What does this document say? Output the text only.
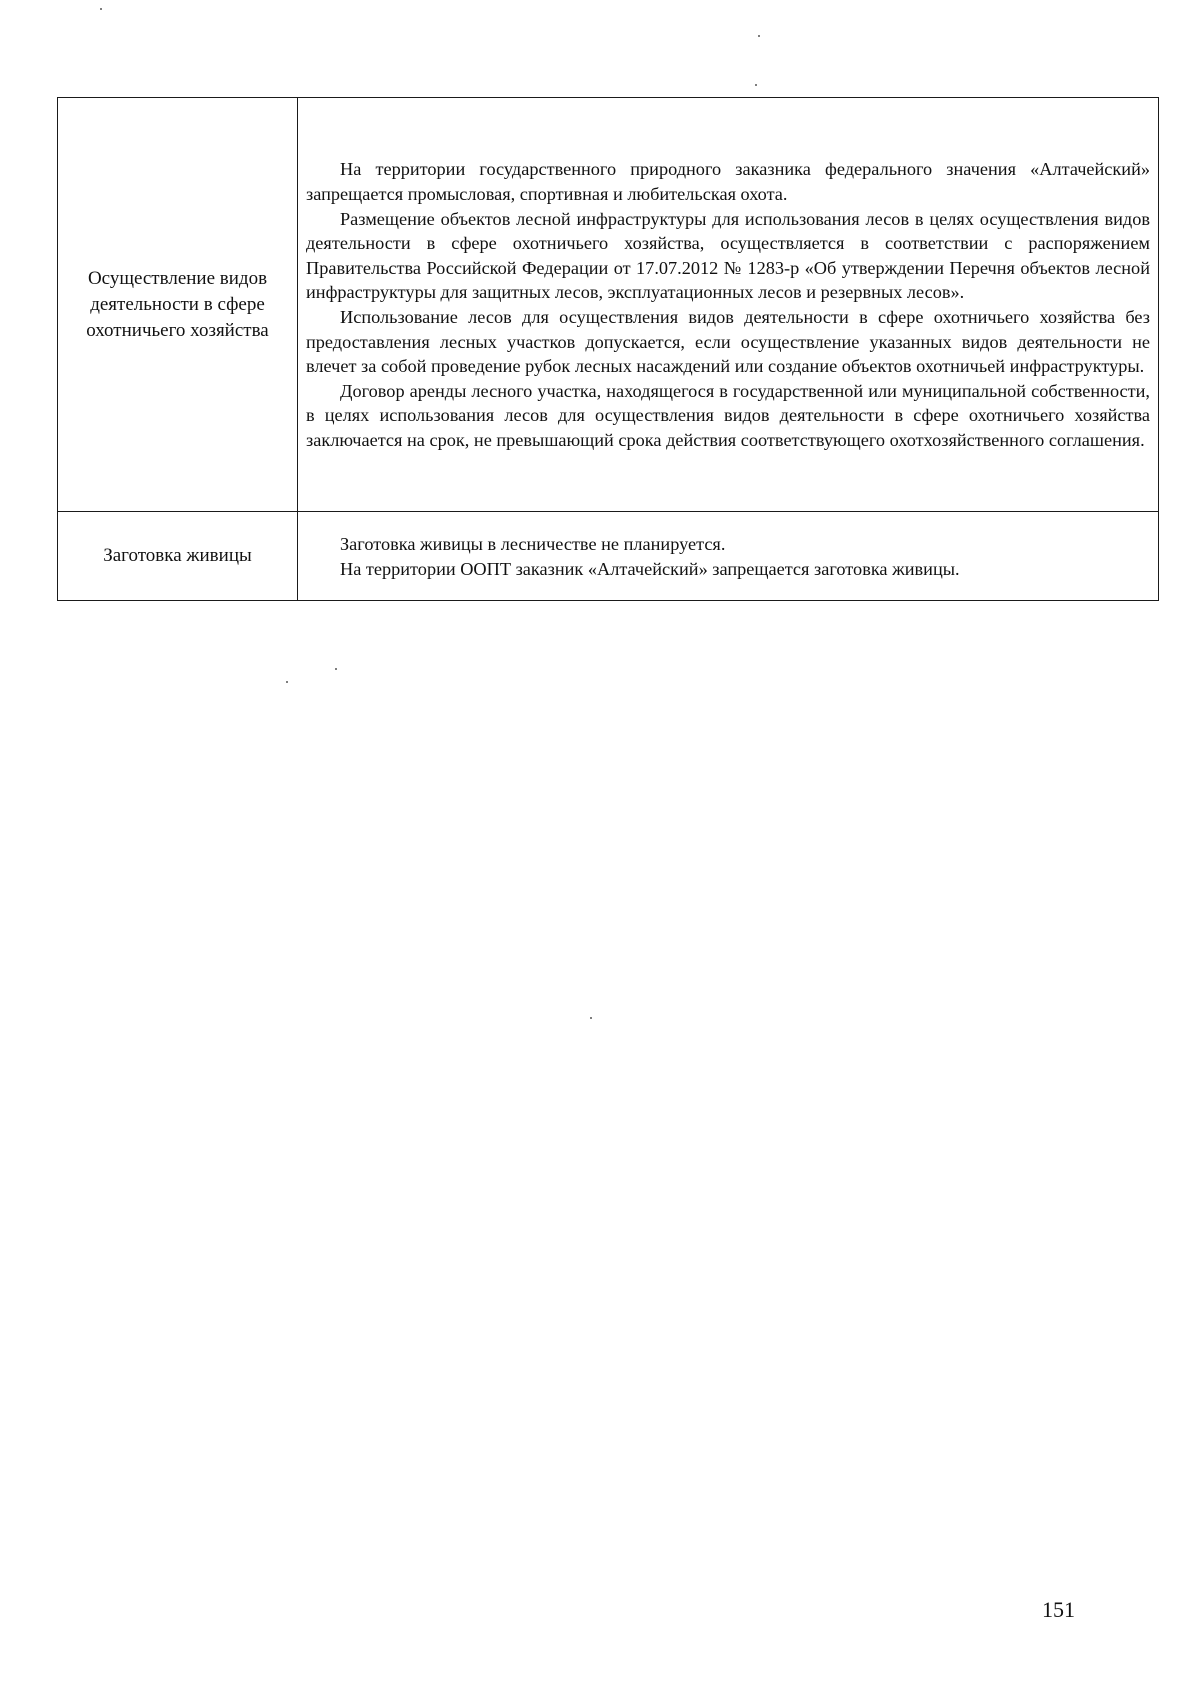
Осуществление видов деятельности в сфере охотничьего хозяйства	На территории государственного природного заказника федерального значения «Алтачейский» запрещается промысловая, спортивная и любительская охота.

Размещение объектов лесной инфраструктуры для использования лесов в целях осуществления видов деятельности в сфере охотничьего хозяйства, осуществляется в соответствии с распоряжением Правительства Российской Федерации от 17.07.2012 № 1283-р «Об утверждении Перечня объектов лесной инфраструктуры для защитных лесов, эксплуатационных лесов и резервных лесов».

Использование лесов для осуществления видов деятельности в сфере охотничьего хозяйства без предоставления лесных участков допускается, если осуществление указанных видов деятельности не влечет за собой проведение рубок лесных насаждений или создание объектов охотничьей инфраструктуры.

Договор аренды лесного участка, находящегося в государственной или муниципальной собственности, в целях использования лесов для осуществления видов деятельности в сфере охотничьего хозяйства заключается на срок, не превышающий срока действия соответствующего охотхозяйственного соглашения.

Заготовка живицы	Заготовка живицы в лесничестве не планируется.

На территории ООПТ заказник «Алтачейский» запрещается заготовка живицы.

151
